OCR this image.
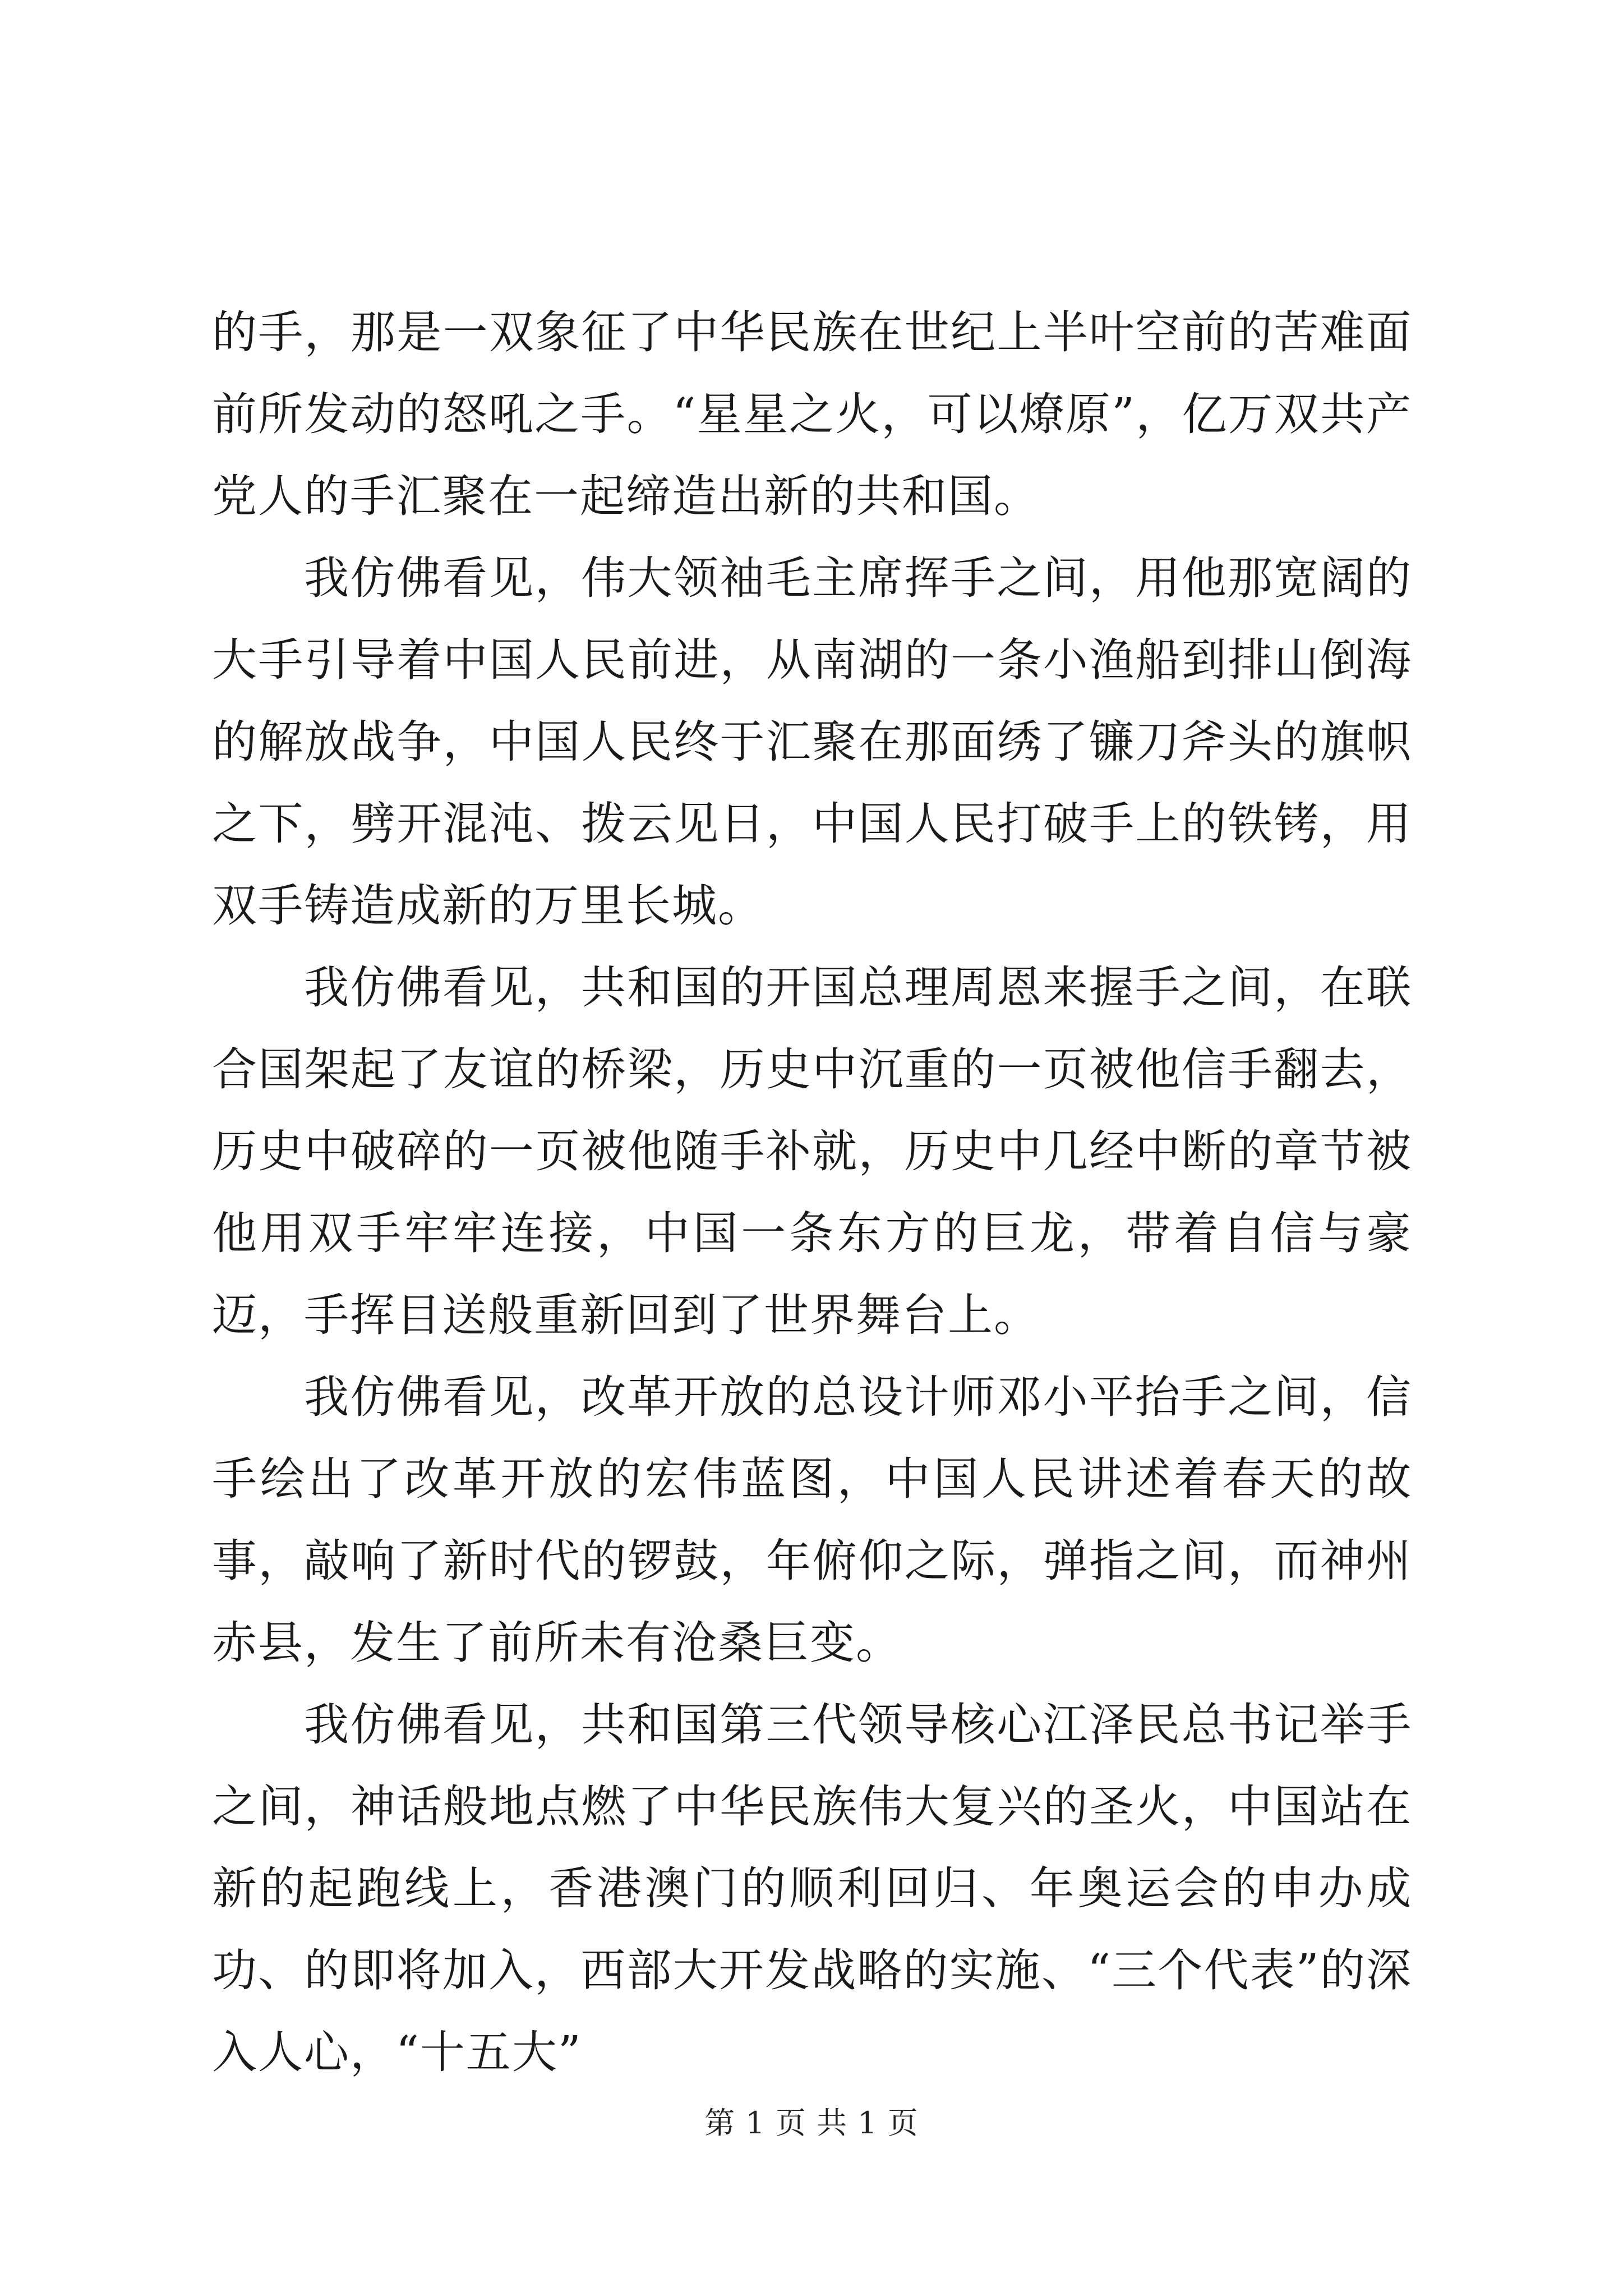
的手，那是一双象征了中华民族在世纪上半叶空前的苦难面前所发动的怒吼之手。“星星之火，可以燎原”，亿万双共产党人的手汇聚在一起缔造出新的共和国。

我仿佛看见，伟大领袖毛主席挥手之间，用他那宽阔的大手引导着中国人民前进，从南湖的一条小渔船到排山倒海的解放战争，中国人民终于汇聚在那面绣了镰刀斧头的旗帜之下，劈开混沌、拨云见日，中国人民打破手上的铁铐，用双手铸造成新的万里长城。

我仿佛看见，共和国的开国总理周恩来握手之间，在联合国架起了友谊的桥梁，历史中沉重的一页被他信手翻去，历史中破碎的一页被他随手补就，历史中几经中断的章节被他用双手牢牢连接，中国一条东方的巨龙，带着自信与豪迈，手挥目送般重新回到了世界舞台上。

我仿佛看见，改革开放的总设计师邓小平抬手之间，信手绘出了改革开放的宏伟蓝图，中国人民讲述着春天的故事，敲响了新时代的锣鼓，年俯仰之际，弹指之间，而神州赤县，发生了前所未有沧桑巨变。

我仿佛看见，共和国第三代领导核心江泽民总书记举手之间，神话般地点燃了中华民族伟大复兴的圣火，中国站在新的起跑线上，香港澳门的顺利回归、年奥运会的申办成功、的即将加入，西部大开发战略的实施、“三个代表”的深入人心，“十五大”

第 1 页 共 1 页
